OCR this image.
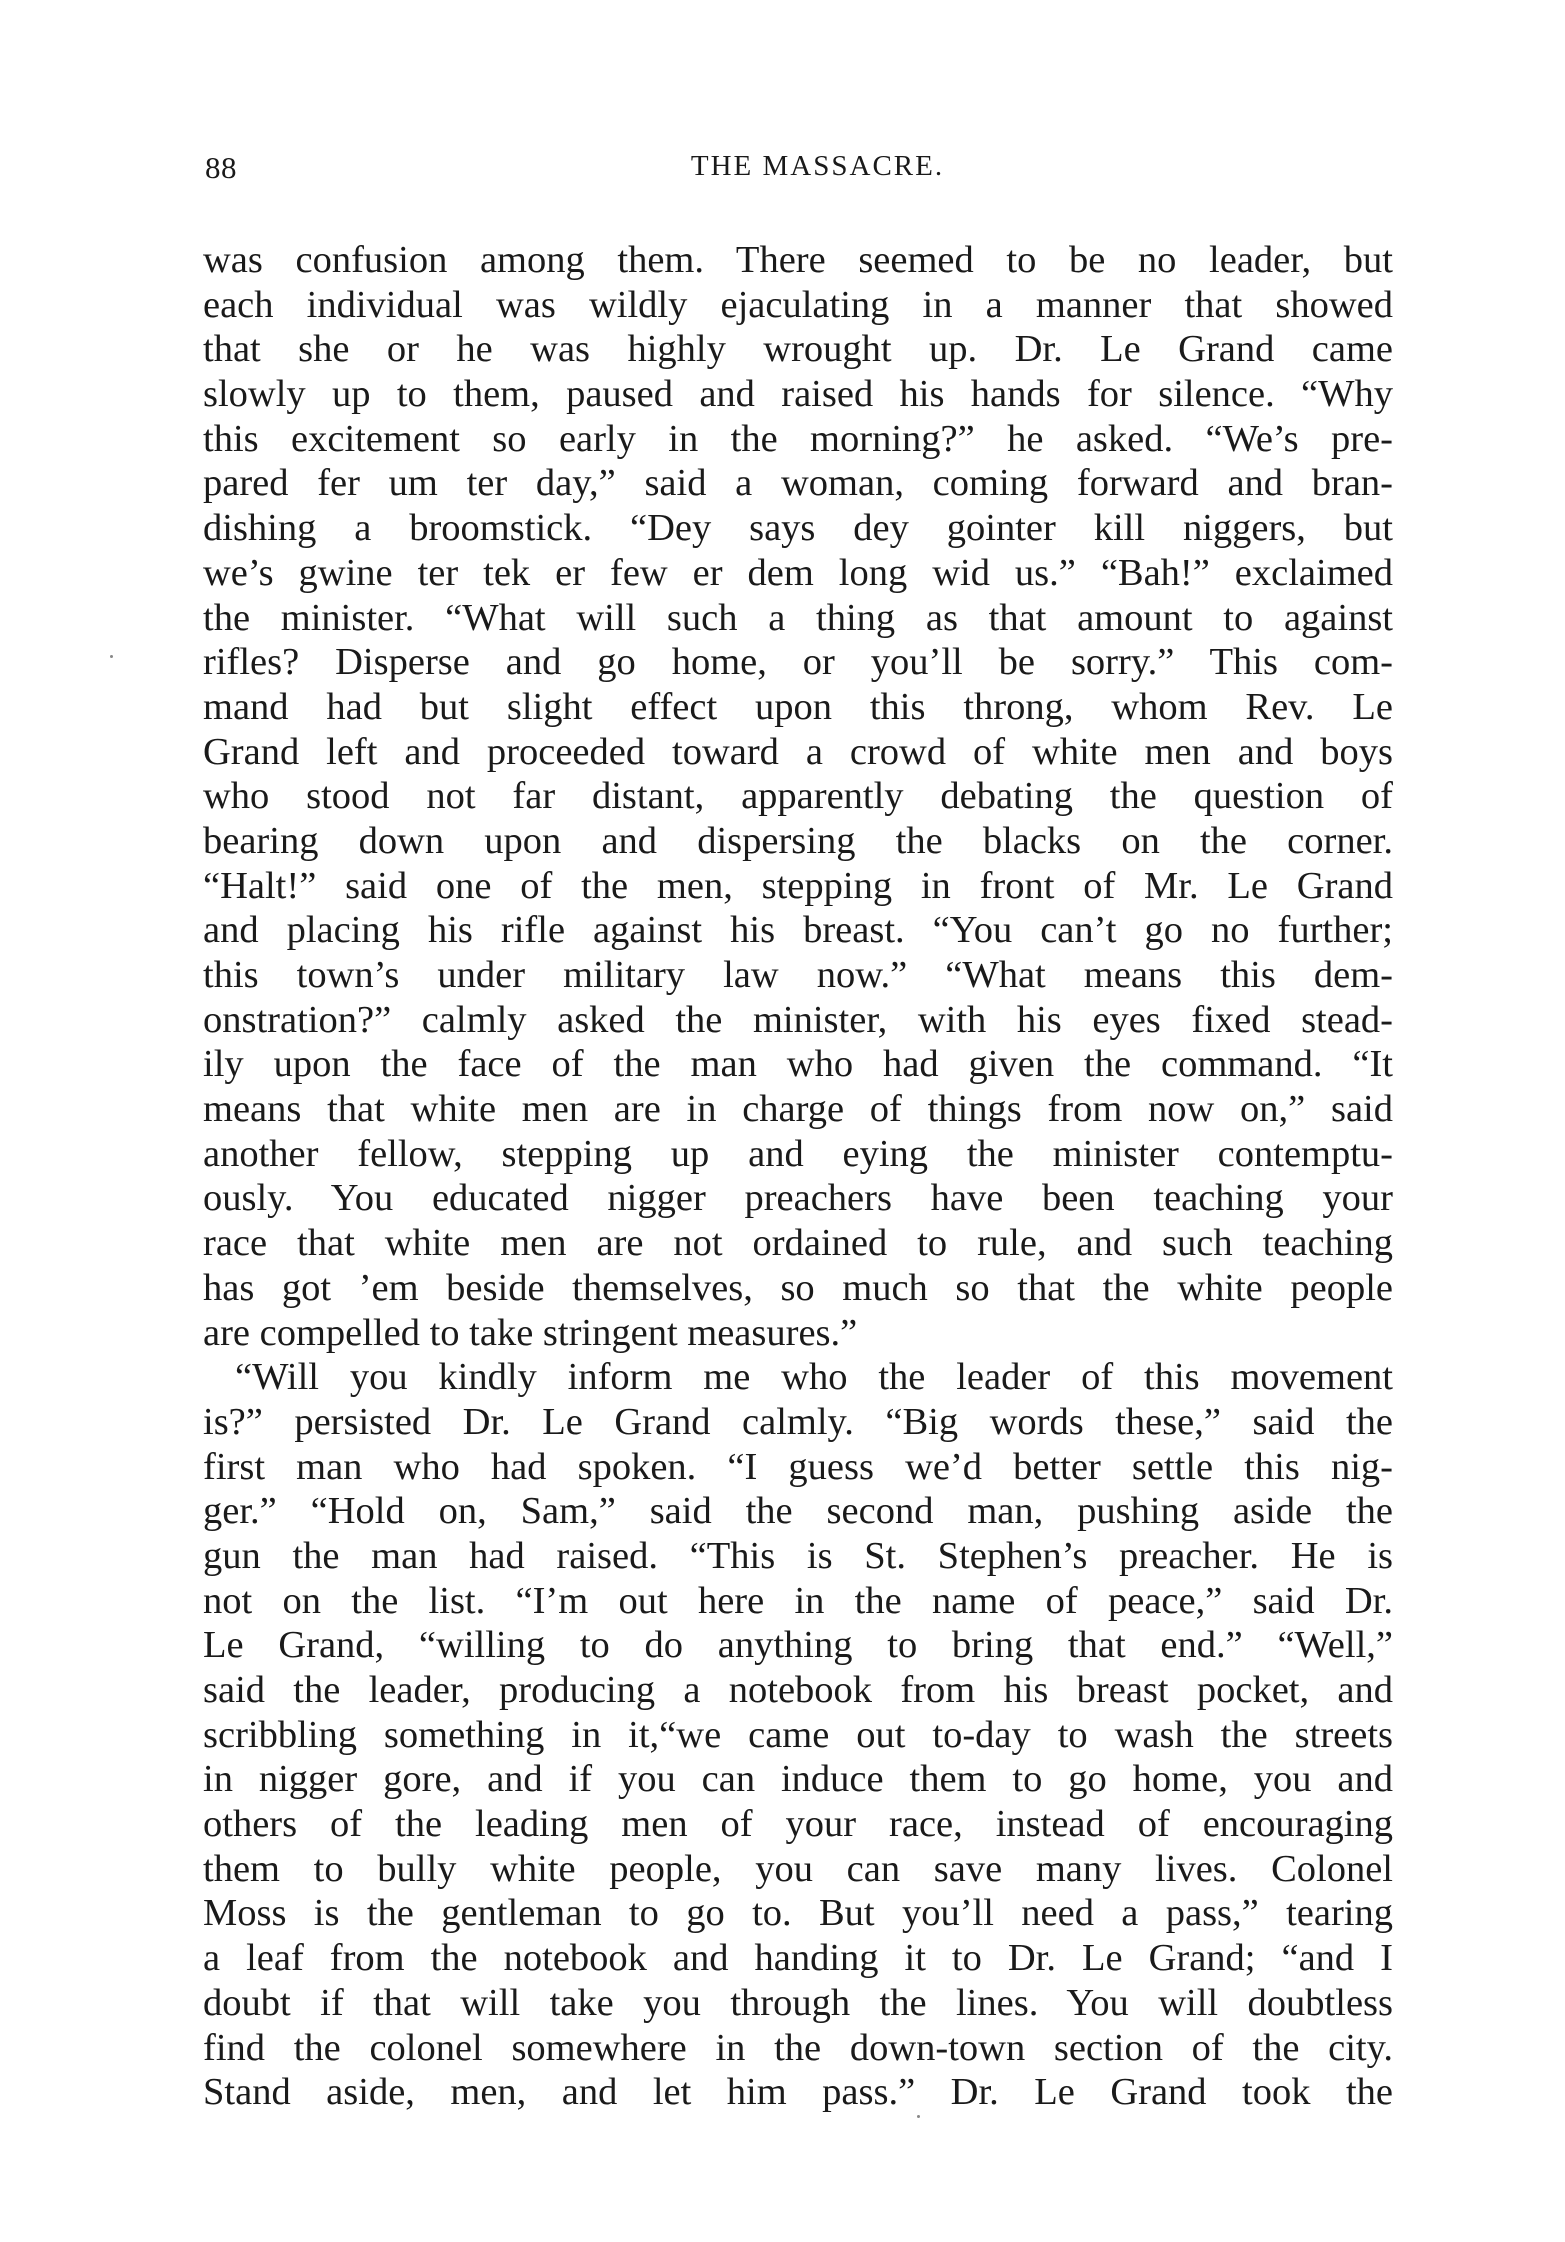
88	THE MASSACRE.
was confusion among them. There seemed to be no leader, but
each individual was wildly ejaculating in a manner that showed
that she or he was highly wrought up. Dr. Le Grand came
slowly up to them, paused and raised his hands for silence. “Why
this excitement so early in the morning?” he asked. “We’s pre-
pared fer um ter day,” said a woman, coming forward and bran-
dishing a broomstick. “Dey says dey gointer kill niggers, but
we’s gwine ter tek er few er dem long wid us.” “Bah!” exclaimed
the minister. “What will such a thing as that amount to against
rifles? Disperse and go home, or you’ll be sorry.” This com-
mand had but slight effect upon this throng, whom Rev. Le
Grand left and proceeded toward a crowd of white men and boys
who stood not far distant, apparently debating the question of
bearing down upon and dispersing the blacks on the corner.
“Halt!” said one of the men, stepping in front of Mr. Le Grand
and placing his rifle against his breast. “You can’t go no further;
this town’s under military law now.” “What means this dem-
onstration?” calmly asked the minister, with his eyes fixed stead-
ily upon the face of the man who had given the command. “It
means that white men are in charge of things from now on,” said
another fellow, stepping up and eying the minister contemptu-
ously. You educated nigger preachers have been teaching your
race that white men are not ordained to rule, and such teaching
has got ’em beside themselves, so much so that the white people
are compelled to take stringent measures.”
“Will you kindly inform me who the leader of this movement
is?” persisted Dr. Le Grand calmly. “Big words these,” said the
first man who had spoken. “I guess we’d better settle this nig-
ger.” “Hold on, Sam,” said the second man, pushing aside the
gun the man had raised. “This is St. Stephen’s preacher. He is
not on the list. “I’m out here in the name of peace,” said Dr.
Le Grand, “willing to do anything to bring that end.” “Well,”
said the leader, producing a notebook from his breast pocket, and
scribbling something in it,“we came out to-day to wash the streets
in nigger gore, and if you can induce them to go home, you and
others of the leading men of your race, instead of encouraging
them to bully white people, you can save many lives. Colonel
Moss is the gentleman to go to. But you’ll need a pass,” tearing
a leaf from the notebook and handing it to Dr. Le Grand; “and I
doubt if that will take you through the lines. You will doubtless
find the colonel somewhere in the down-town section of the city.
Stand aside, men, and let him pass.” Dr. Le Grand took the
